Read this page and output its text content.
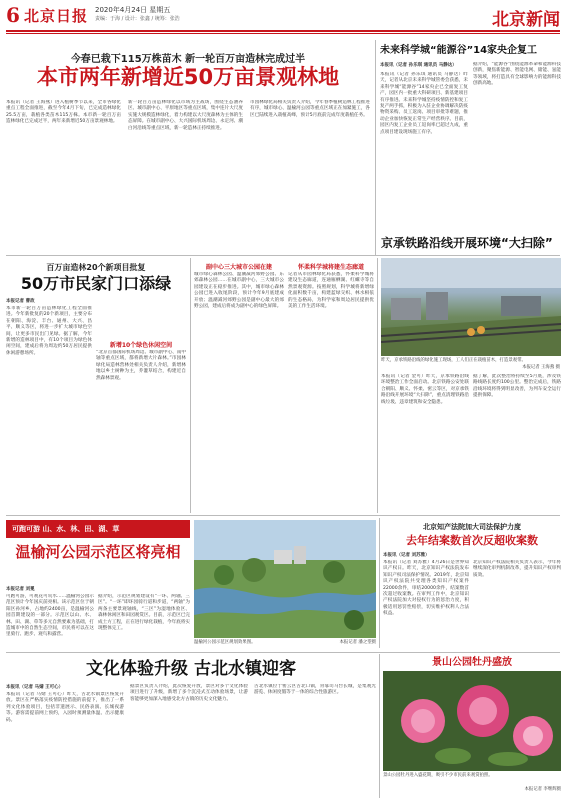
6 北京日报 2020年4月24日 星期五
责编：于海 / 设计：张鑫 / 统筹：张浩	北京新闻
今春已栽下115万株苗木 新一轮百万亩造林完成过半
本市两年新增近50万亩景观林地
本报讯（记者 王海燕）进入植树季节以来，全市各绿化重点工程全面推进，截至今年4月下旬，已完成造林绿化25.5万亩，栽植各类苗木115万株。本市新一轮百万亩造林绿化已完成过半，两年来新增近50万亩景观林地。
新一轮百万亩造林绿化以市域为主战场，围绕生态涵养区、城市副中心、平原地区等重点区域，集中连片大尺度实施大规模造林绿化，着力构建以大尺度森林为主体的生态屏障。在城市副中心、大兴国际机场周边、永定河、潮白河沿线等重点区域，新一轮造林正持续推进。
市园林绿化局相关负责人介绍，今年春季植树造林工程推进有序，城市绿心、温榆河公园等重点区域正在加紧施工，各区已陆续进入栽植高峰，预计5月底前完成年度栽植任务。
未来科学城“能源谷”14家央企复工
本报讯（记者 孙乐琪 通讯员 马静达）
本报讯（记者 孙乐琪 通讯员 马静达）昨天，记者从北京未来科学城管委会获悉，未来科学城“能源谷”14家央企已全面复工复产，园区内一批重大科研项目、新基建项目有序推进。未来科学城坚持疫情防控和复工复产两手抓，积极为入驻企业协调解决防疫物资采购、员工返岗、项目审批等难题，推动企业加快恢复正常生产经营秩序。目前，园区内复工企业员工返岗率已超过九成，重点项目建设现场施工有序。
据介绍，“能源谷”围绕能源革命和能源科技创新，聚焦新能源、智能电网、储能、氢能等领域，将打造具有全球影响力的能源科技创新高地。
百万亩造林20个新项目批复
50万市民家门口添绿
本报记者 曹政
本市新一轮百万亩造林绿化工程全面推进。今年新批复的20个新项目，主要分布在朝阳、海淀、丰台、通州、大兴、昌平、顺义等区，将进一步扩大城市绿色空间，让更多市民出门见绿。据了解，今年新增的造林项目中，有10个项目为绿色休闲空间，建成后将为周边约50万居民提供休闲游憩场所。
新增10个绿色休闲空间
“北京首都国际机场周边、城市副中心、南中轴等重点区域，都将新增大片森林。”市园林绿化局造林营林处相关负责人介绍，新增林地以乡土树种为主，乔灌草结合，构建近自然森林景观。
副中心三大城市公园在建
城市绿心森林公园、温潮减河郊野公园、东郊森林公园……在城市副中心，三大城市公园建设正在稳步推进。其中，城市绿心森林公园已进入收尾阶段，预计今年9月底建成开放；温潮减河郊野公园是副中心最大的郊野公园，建成后将成为副中心的绿色屏障。
怀柔科学城将建生态廊道
记者从市园林绿化局获悉，怀柔科学城将建设生态廊道，连通雁栖湖、红螺寺等自然景观资源。按照规划，科学城将新增绿化面积数千亩，构建蓝绿交织、林水相依的生态格局，为科学家和周边居民提供优美的工作生活环境。
昨天，京承铁路沿线的绿化施工现场，工人们正在栽植苗木，打造景观带。
本报记者 王海燕 摄
本报讯（记者 金可）昨天，京承铁路沿线环境整治工作全面启动。北京铁路公安处联合朝阳、顺义、怀柔、密云等区，对京承铁路沿线开展环境“大扫除”，重点清理铁路沿线垃圾、违章建筑和安全隐患。
据了解，此次整治将持续至5月底，涉及铁路线路长度约100公里。整治完成后，铁路沿线环境将得到明显改善，为列车安全运行提供保障。
京承铁路沿线开展环境“大扫除”
可跑可游 山、水、林、田、湖、草
温榆河公园示范区将亮相
本报记者 刘冕
可跑可游，可观花可赏水……温榆河公园示范区预计今年国庆前亮相。该示范区位于朝阳区孙河乡，占地约2400亩，是温榆河公园首期建设的一部分。示范区以山、水、林、田、湖、草等多元自然要素为基础，打造城市中的自然生态空间，市民将可以在这里骑行、跑步、观鸟和露营。
据介绍，示范区规划建设有“一环、两轴、三区”。“一环”即环园骑行道和步道，“两轴”为两条主要景观轴线，“三区”为湿地体验区、森林休闲区和田园观赏区。目前，示范区已完成土方工程，正在进行绿化栽植，今年底将实现整体完工。
温榆河公园示范区规划效果图。	本报记者 潘之望摄
北京知产法院加大司法保护力度
去年结案数首次反超收案数
本报讯（记者 刘苏雅）
本报讯（记者 刘苏雅）4月26日是世界知识产权日。昨天，北京知识产权法院发布知识产权司法保护情况。2019年，北京知识产权法院共受理各类知识产权案件22000余件，审结20000余件，结案数首次超过收案数。在审判工作中，北京知识产权法院加大对侵权行为的惩治力度，积极适用惩罚性赔偿，切实维护权利人合法权益。
北京知识产权法院相关负责人表示，今年将继续深化审判机制改革，提升知识产权审判质效。
文化体验升级 古北水镇迎客
本报讯（记者 马婧 王可心）
本报讯（记者 马婧 王可心）昨天，古北水镇景区恢复开放。景区在严格落实疫情防控措施的前提下，推出了一系列文化体验项目，包括非遗展示、民俗表演、长城夜游等。游客需提前网上预约，入园时须测量体温、出示健康码。
据景区负责人介绍，此次恢复开放，景区对多个文化体验项目进行了升级，新增了多个沉浸式互动体验场景，让游客能够更加深入地感受北方古镇的历史文化魅力。
古北水镇位于密云区古北口镇，背靠司马台长城，是集观光游览、休闲度假等于一体的综合性旅游区。
景山公园牡丹盛放
景山公园牡丹进入盛花期，吸引不少市民前来观赏拍照。
本报记者 李继辉摄
